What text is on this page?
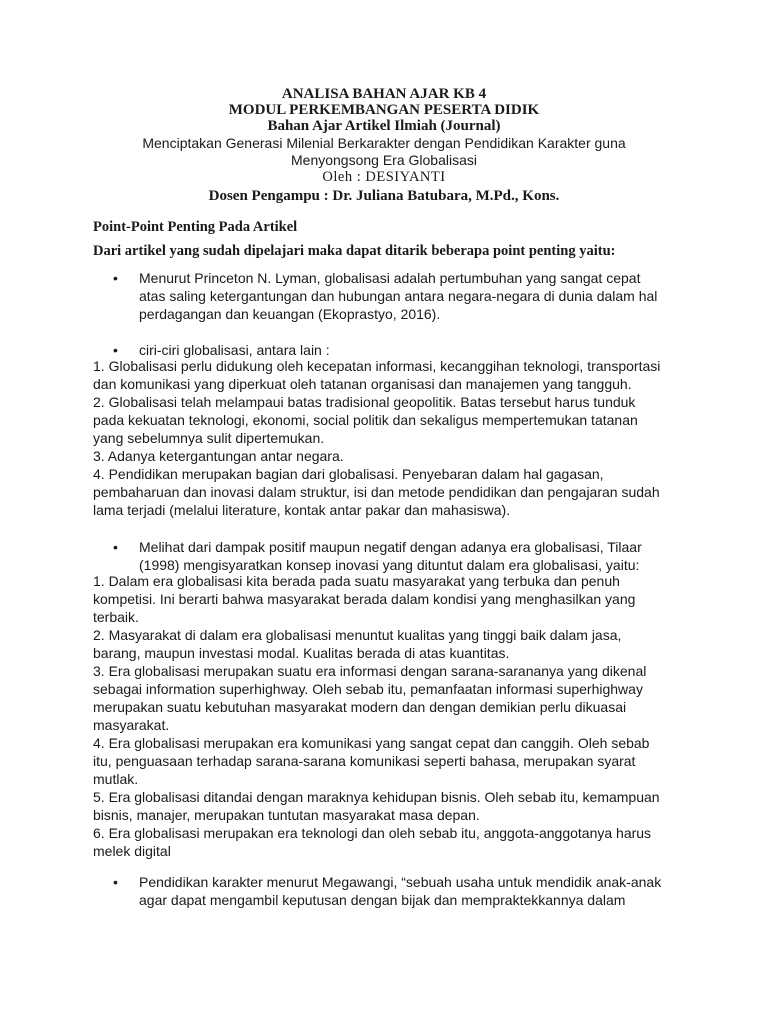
ANALISA BAHAN AJAR KB 4
MODUL PERKEMBANGAN PESERTA DIDIK
Bahan Ajar Artikel Ilmiah (Journal)
Menciptakan Generasi Milenial Berkarakter dengan Pendidikan Karakter guna
Menyongsong Era Globalisasi
Oleh : DESIYANTI
Dosen Pengampu : Dr. Juliana Batubara, M.Pd., Kons.
Point-Point Penting Pada Artikel
Dari artikel yang sudah dipelajari maka dapat ditarik beberapa point penting yaitu:
• Menurut Princeton N. Lyman, globalisasi adalah pertumbuhan yang sangat cepat
atas saling ketergantungan dan hubungan antara negara-negara di dunia dalam hal
perdagangan dan keuangan (Ekoprastyo, 2016).
• ciri-ciri globalisasi, antara lain :

1. Globalisasi perlu didukung oleh kecepatan informasi, kecanggihan teknologi, transportasi

dan komunikasi yang diperkuat oleh tatanan organisasi dan manajemen yang tangguh.

2. Globalisasi telah melampaui batas tradisional geopolitik. Batas tersebut harus tunduk

pada kekuatan teknologi, ekonomi, social politik dan sekaligus mempertemukan tatanan

yang sebelumnya sulit dipertemukan.

3. Adanya ketergantungan antar negara.

4. Pendidikan merupakan bagian dari globalisasi. Penyebaran dalam hal gagasan,

pembaharuan dan inovasi dalam struktur, isi dan metode pendidikan dan pengajaran sudah

lama terjadi (melalui literature, kontak antar pakar dan mahasiswa).

• Melihat dari dampak positif maupun negatif dengan adanya era globalisasi, Tilaar
(1998) mengisyaratkan konsep inovasi yang dituntut dalam era globalisasi, yaitu:

1. Dalam era globalisasi kita berada pada suatu masyarakat yang terbuka dan penuh

kompetisi. Ini berarti bahwa masyarakat berada dalam kondisi yang menghasilkan yang

terbaik.

2. Masyarakat di dalam era globalisasi menuntut kualitas yang tinggi baik dalam jasa,

barang, maupun investasi modal. Kualitas berada di atas kuantitas.

3. Era globalisasi merupakan suatu era informasi dengan sarana-sarananya yang dikenal

sebagai information superhighway. Oleh sebab itu, pemanfaatan informasi superhighway

merupakan suatu kebutuhan masyarakat modern dan dengan demikian perlu dikuasai

masyarakat.

4. Era globalisasi merupakan era komunikasi yang sangat cepat dan canggih. Oleh sebab

itu, penguasaan terhadap sarana-sarana komunikasi seperti bahasa, merupakan syarat

mutlak.

5. Era globalisasi ditandai dengan maraknya kehidupan bisnis. Oleh sebab itu, kemampuan

bisnis, manajer, merupakan tuntutan masyarakat masa depan.

6. Era globalisasi merupakan era teknologi dan oleh sebab itu, anggota-anggotanya harus

melek digital

• Pendidikan karakter menurut Megawangi, “sebuah usaha untuk mendidik anak-anak
agar dapat mengambil keputusan dengan bijak dan mempraktekkannya dalam
